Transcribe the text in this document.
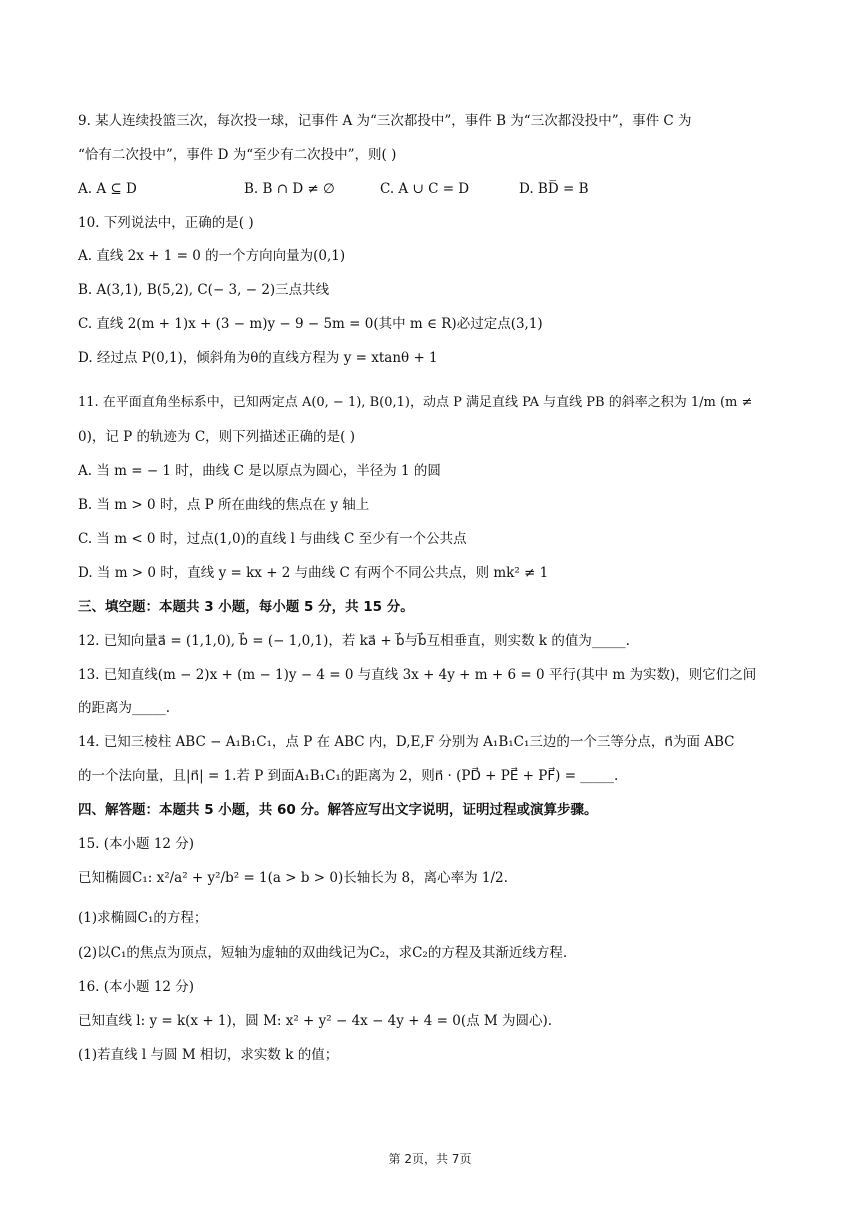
9. 某人连续投篮三次，每次投一球，记事件 A 为“三次都投中”，事件 B 为“三次都没投中”，事件 C 为
“恰有二次投中”，事件 D 为“至少有二次投中”，则( )
A. A ⊆ D	B. B ∩ D ≠ ∅	C. A ∪ C = D	D. BD̅ = B
10. 下列说法中，正确的是( )
A. 直线 2x + 1 = 0 的一个方向向量为(0,1)
B. A(3,1), B(5,2), C(− 3, − 2)三点共线
C. 直线 2(m + 1)x + (3 − m)y − 9 − 5m = 0(其中 m ∈ R)必过定点(3,1)
D. 经过点 P(0,1)，倾斜角为θ的直线方程为 y = xtanθ + 1
11. 在平面直角坐标系中，已知两定点 A(0, − 1), B(0,1)，动点 P 满足直线 PA 与直线 PB 的斜率之积为 1/m (m ≠
0)，记 P 的轨迹为 C，则下列描述正确的是( )
A. 当 m = − 1 时，曲线 C 是以原点为圆心，半径为 1 的圆
B. 当 m > 0 时，点 P 所在曲线的焦点在 y 轴上
C. 当 m < 0 时，过点(1,0)的直线 l 与曲线 C 至少有一个公共点
D. 当 m > 0 时，直线 y = kx + 2 与曲线 C 有两个不同公共点，则 mk² ≠ 1
三、填空题：本题共 3 小题，每小题 5 分，共 15 分。
12. 已知向量a⃗ = (1,1,0), b⃗ = (− 1,0,1)，若 ka⃗ + b⃗与b⃗互相垂直，则实数 k 的值为_____.
13. 已知直线(m − 2)x + (m − 1)y − 4 = 0 与直线 3x + 4y + m + 6 = 0 平行(其中 m 为实数)，则它们之间
的距离为_____.
14. 已知三棱柱 ABC − A₁B₁C₁，点 P 在 ABC 内，D,E,F 分别为 A₁B₁C₁三边的一个三等分点，n⃗为面 ABC
的一个法向量，且|n⃗| = 1.若 P 到面A₁B₁C₁的距离为 2，则n⃗ · (PD⃗ + PE⃗ + PF⃗) = _____.
四、解答题：本题共 5 小题，共 60 分。解答应写出文字说明，证明过程或演算步骤。
15. (本小题 12 分)
已知椭圆C₁: x²/a² + y²/b² = 1(a > b > 0)长轴长为 8，离心率为 1/2.
(1)求椭圆C₁的方程；
(2)以C₁的焦点为顶点，短轴为虚轴的双曲线记为C₂，求C₂的方程及其渐近线方程.
16. (本小题 12 分)
已知直线 l: y = k(x + 1)，圆 M: x² + y² − 4x − 4y + 4 = 0(点 M 为圆心).
(1)若直线 l 与圆 M 相切，求实数 k 的值；
第 2页，共 7页
